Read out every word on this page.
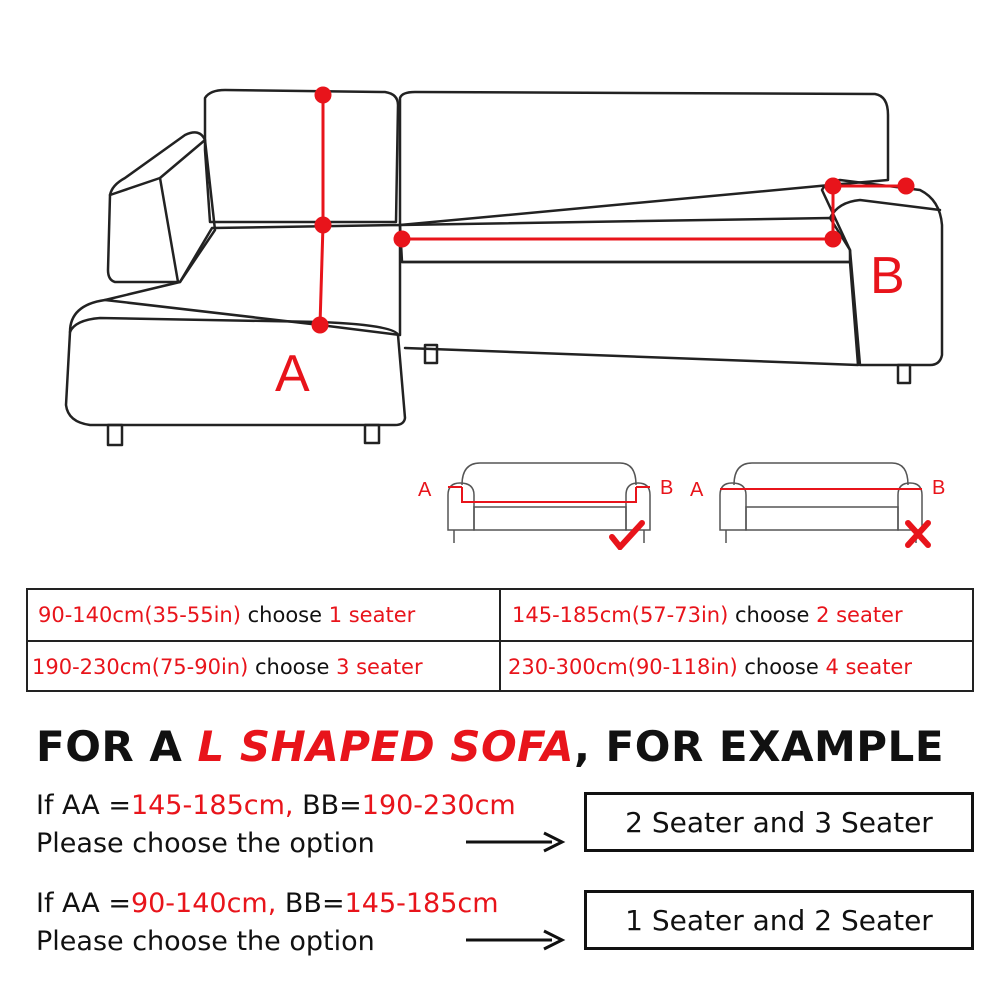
A
B
A	B A	B
90-140cm(35-55in) choose 1 seater	145-185cm(57-73in) choose 2 seater
190-230cm(75-90in) choose 3 seater	230-300cm(90-118in) choose 4 seater
FOR A L SHAPED SOFA, FOR EXAMPLE
If AA =145-185cm, BB=190-230cm
Please choose the option
2 Seater and 3 Seater
If AA =90-140cm, BB=145-185cm
Please choose the option
1 Seater and 2 Seater
